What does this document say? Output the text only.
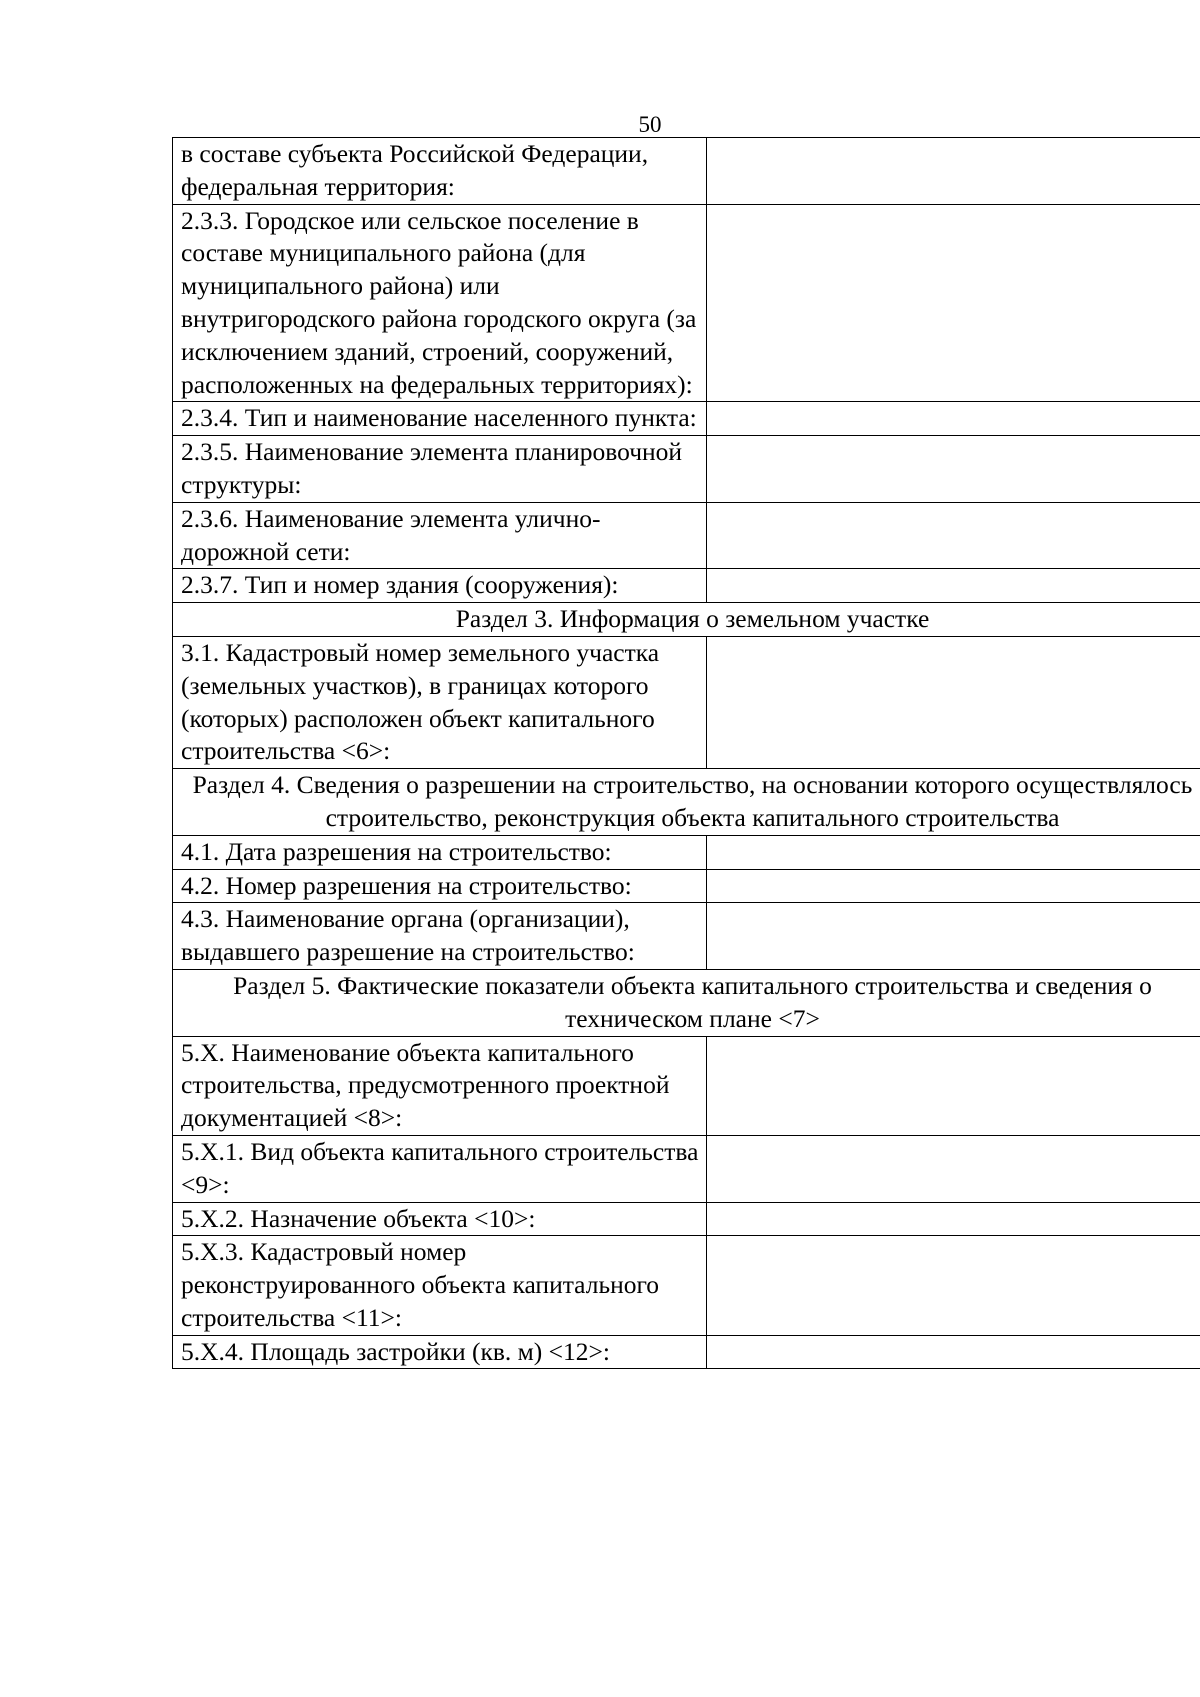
50
в составе субъекта Российской Федерации, федеральная территория:	
2.3.3. Городское или сельское поселение в составе муниципального района (для муниципального района) или внутригородского района городского округа (за исключением зданий, строений, сооружений, расположенных на федеральных территориях):	
2.3.4. Тип и наименование населенного пункта:	
2.3.5. Наименование элемента планировочной структуры:	
2.3.6. Наименование элемента улично-дорожной сети:	
2.3.7. Тип и номер здания (сооружения):	
Раздел 3. Информация о земельном участке	
3.1. Кадастровый номер земельного участка (земельных участков), в границах которого (которых) расположен объект капитального строительства <6>:	
Раздел 4. Сведения о разрешении на строительство, на основании которого осуществлялось строительство, реконструкция объекта капитального строительства	
4.1. Дата разрешения на строительство:	
4.2. Номер разрешения на строительство:	
4.3. Наименование органа (организации), выдавшего разрешение на строительство:	
Раздел 5. Фактические показатели объекта капитального строительства и сведения о техническом плане <7>	
5.X. Наименование объекта капитального строительства, предусмотренного проектной документацией <8>:	
5.X.1. Вид объекта капитального строительства <9>:	
5.X.2. Назначение объекта <10>:	
5.X.3. Кадастровый номер реконструированного объекта капитального строительства <11>:	
5.X.4. Площадь застройки (кв. м) <12>:	
